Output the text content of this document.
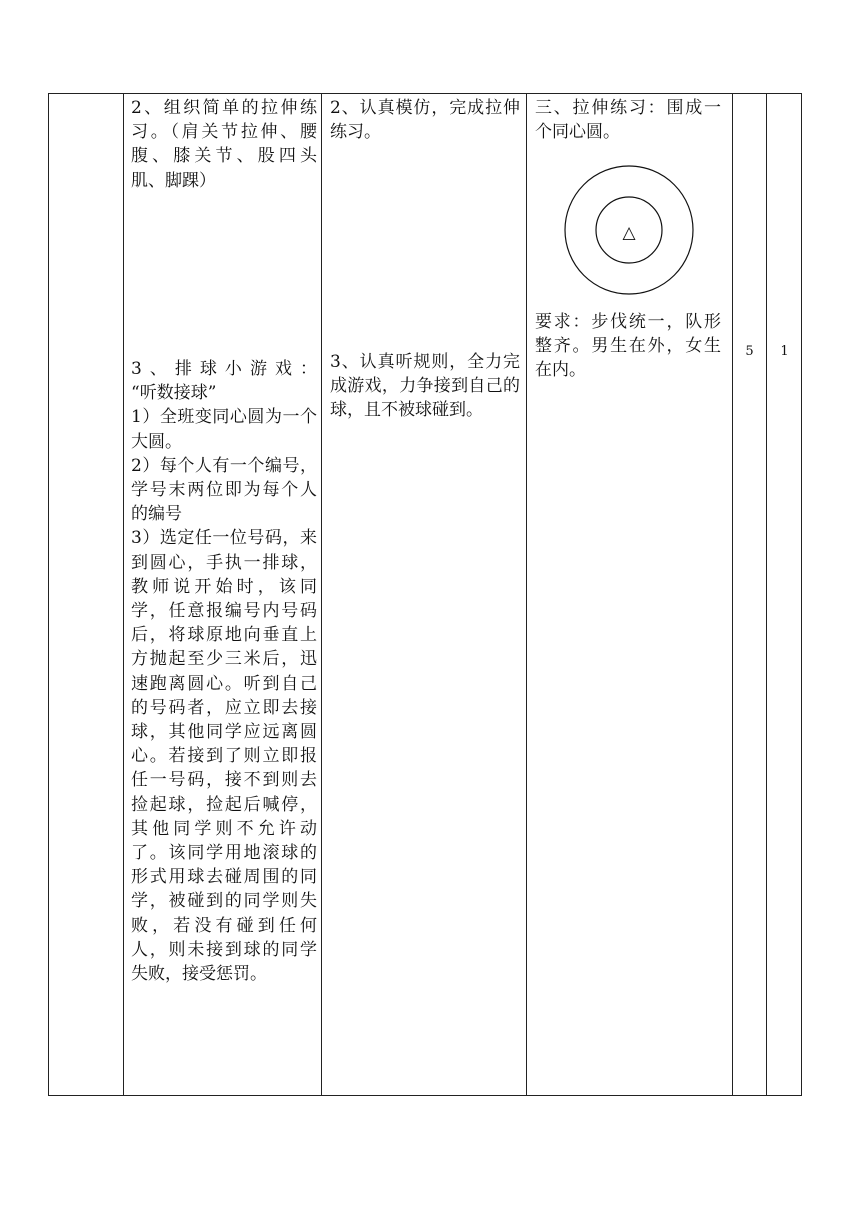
2、组织简单的拉伸练习。（肩关节拉伸、腰腹、膝关节、股四头肌、脚踝）

3、排球小游戏：

“听数接球”

1）全班变同心圆为一个大圆。

2）每个人有一个编号，学号末两位即为每个人的编号

3）选定任一位号码，来到圆心，手执一排球，教师说开始时，该同学，任意报编号内号码后，将球原地向垂直上方抛起至少三米后，迅速跑离圆心。听到自己的号码者，应立即去接球，其他同学应远离圆心。若接到了则立即报任一号码，接不到则去捡起球，捡起后喊停，其他同学则不允许动了。该同学用地滚球的形式用球去碰周围的同学，被碰到的同学则失败，若没有碰到任何人，则未接到球的同学失败，接受惩罚。

2、认真模仿，完成拉伸练习。
3、认真听规则，全力完成游戏，力争接到自己的球，且不被球碰到。
三、拉伸练习：围成一个同心圆。
△
要求：步伐统一，队形整齐。男生在外，女生在内。
5	1
